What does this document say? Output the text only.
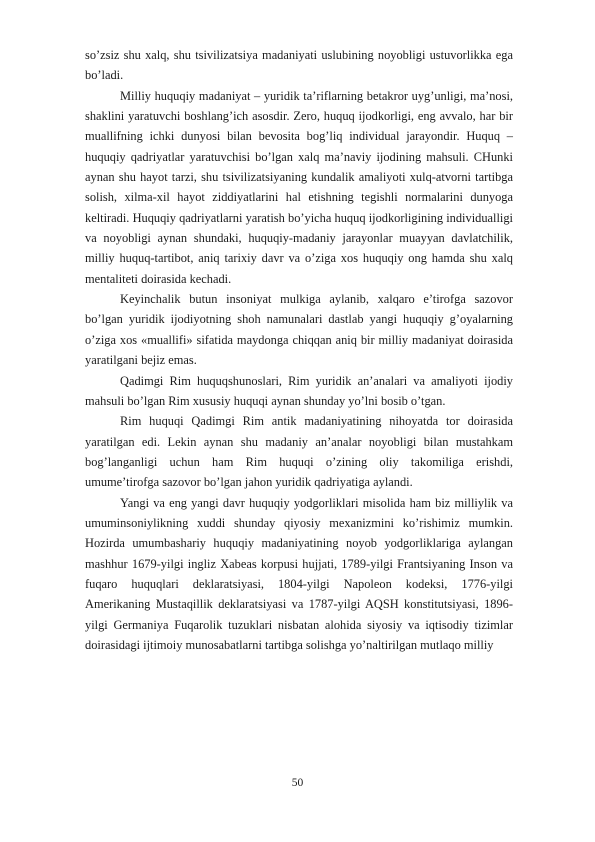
so’zsiz shu xalq, shu tsivilizatsiya madaniyati uslubining noyobligi ustuvorlikka ega bo’ladi.

Milliy huquqiy madaniyat – yuridik ta’riflarning betakror uyg’unligi, ma’nosi, shaklini yaratuvchi boshlang’ich asosdir. Zero, huquq ijodkorligi, eng avvalo, har bir muallifning ichki dunyosi bilan bevosita bog’liq individual jarayondir. Huquq – huquqiy qadriyatlar yaratuvchisi bo’lgan xalq ma’naviy ijodining mahsuli. CHunki aynan shu hayot tarzi, shu tsivilizatsiyaning kundalik amaliyoti xulq-atvorni tartibga solish, xilma-xil hayot ziddiyatlarini hal etishning tegishli normalarini dunyoga keltiradi. Huquqiy qadriyatlarni yaratish bo’yicha huquq ijodkorligining individualligi va noyobligi aynan shundaki, huquqiy-madaniy jarayonlar muayyan davlatchilik, milliy huquq-tartibot, aniq tarixiy davr va o’ziga xos huquqiy ong hamda shu xalq mentaliteti doirasida kechadi.

Keyinchalik butun insoniyat mulkiga aylanib, xalqaro e’tirofga sazovor bo’lgan yuridik ijodiyotning shoh namunalari dastlab yangi huquqiy g’oyalarning o’ziga xos «muallifi» sifatida maydonga chiqqan aniq bir milliy madaniyat doirasida yaratilgani bejiz emas.

Qadimgi Rim huquqshunoslari, Rim yuridik an’analari va amaliyoti ijodiy mahsuli bo’lgan Rim xususiy huquqi aynan shunday yo’lni bosib o’tgan.

Rim huquqi Qadimgi Rim antik madaniyatining nihoyatda tor doirasida yaratilgan edi. Lekin aynan shu madaniy an’analar noyobligi bilan mustahkam bog’langanligi uchun ham Rim huquqi o’zining oliy takomiliga erishdi, umume’tirofga sazovor bo’lgan jahon yuridik qadriyatiga aylandi.

Yangi va eng yangi davr huquqiy yodgorliklari misolida ham biz milliylik va umuminsoniylikning xuddi shunday qiyosiy mexanizmini ko’rishimiz mumkin. Hozirda umumbashariy huquqiy madaniyatining noyob yodgorliklariga aylangan mashhur 1679-yilgi ingliz Xabeas korpusi hujjati, 1789-yilgi Frantsiyaning Inson va fuqaro huquqlari deklaratsiyasi, 1804-yilgi Napoleon kodeksi, 1776-yilgi Amerikaning Mustaqillik deklaratsiyasi va 1787-yilgi AQSH konstitutsiyasi, 1896-yilgi Germaniya Fuqarolik tuzuklari nisbatan alohida siyosiy va iqtisodiy tizimlar doirasidagi ijtimoiy munosabatlarni tartibga solishga yo’naltirilgan mutlaqo milliy

50
